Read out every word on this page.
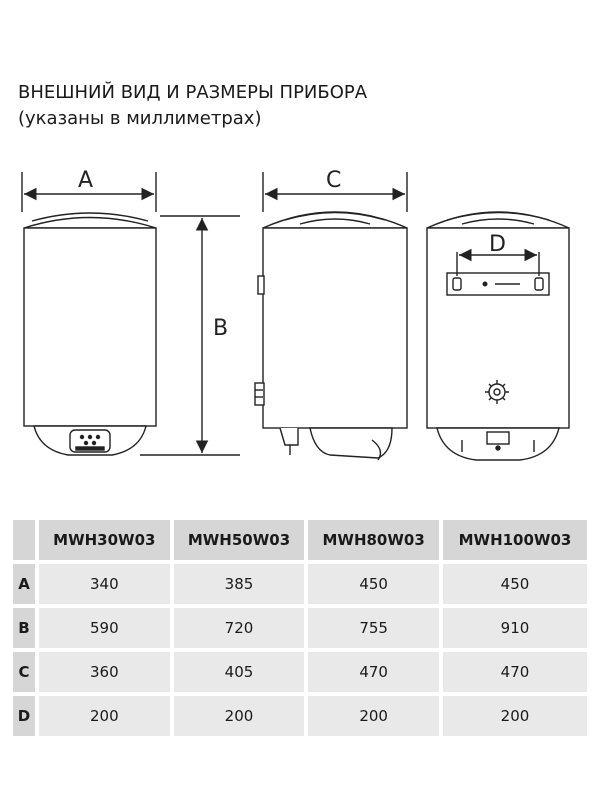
ВНЕШНИЙ ВИД И РАЗМЕРЫ ПРИБОРА
(указаны в миллиметрах)
A
B
C
D
	MWH30W03	MWH50W03	MWH80W03	MWH100W03
A	340	385	450	450
B	590	720	755	910
C	360	405	470	470
D	200	200	200	200
